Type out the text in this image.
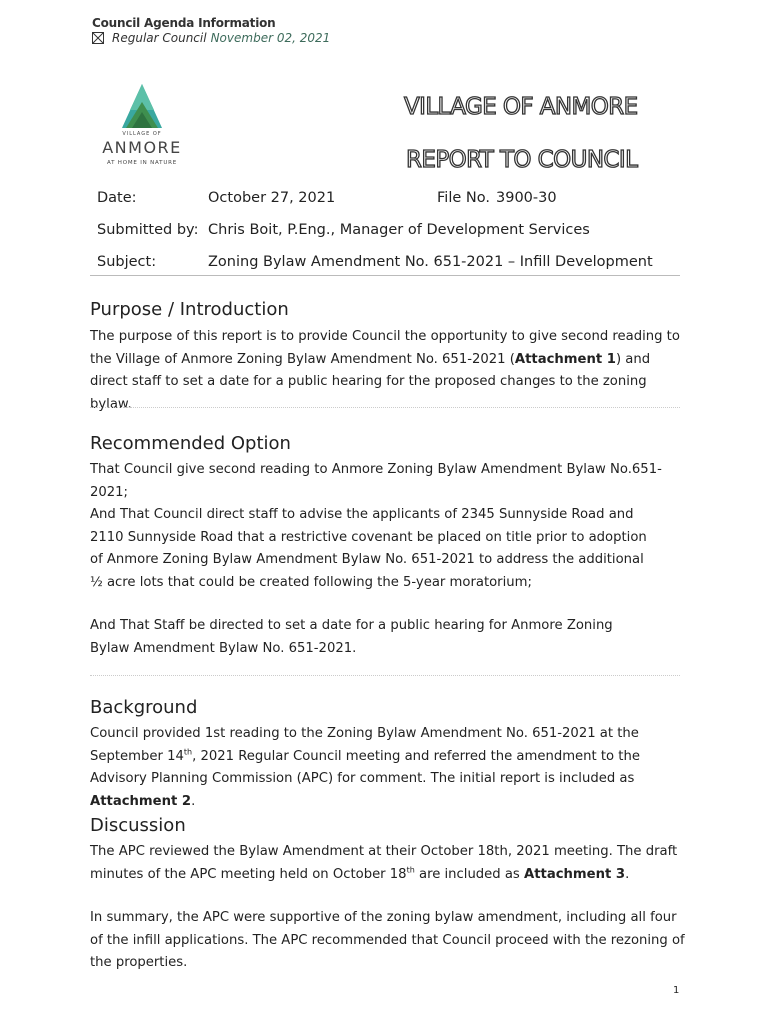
Council Agenda Information
Regular Council November 02, 2021
VILLAGE OF
ANMORE
AT HOME IN NATURE
VILLAGE OF ANMORE
REPORT TO COUNCIL
Date:	October 27, 2021	File No. 3900-30
Submitted by: Chris Boit, P.Eng., Manager of Development Services
Subject:	Zoning Bylaw Amendment No. 651-2021 – Infill Development
Purpose / Introduction
The purpose of this report is to provide Council the opportunity to give second reading to the Village of Anmore Zoning Bylaw Amendment No. 651-2021 (Attachment 1) and direct staff to set a date for a public hearing for the proposed changes to the zoning bylaw.
Recommended Option
That Council give second reading to Anmore Zoning Bylaw Amendment Bylaw No.651-2021;
And That Council direct staff to advise the applicants of 2345 Sunnyside Road and 2110 Sunnyside Road that a restrictive covenant be placed on title prior to adoption of Anmore Zoning Bylaw Amendment Bylaw No. 651-2021 to address the additional ½ acre lots that could be created following the 5-year moratorium;
And That Staff be directed to set a date for a public hearing for Anmore Zoning Bylaw Amendment Bylaw No. 651-2021.
Background
Council provided 1st reading to the Zoning Bylaw Amendment No. 651-2021 at the September 14th, 2021 Regular Council meeting and referred the amendment to the Advisory Planning Commission (APC) for comment. The initial report is included as Attachment 2.
Discussion
The APC reviewed the Bylaw Amendment at their October 18th, 2021 meeting. The draft minutes of the APC meeting held on October 18th are included as Attachment 3.
In summary, the APC were supportive of the zoning bylaw amendment, including all four of the infill applications. The APC recommended that Council proceed with the rezoning of the properties.
1
